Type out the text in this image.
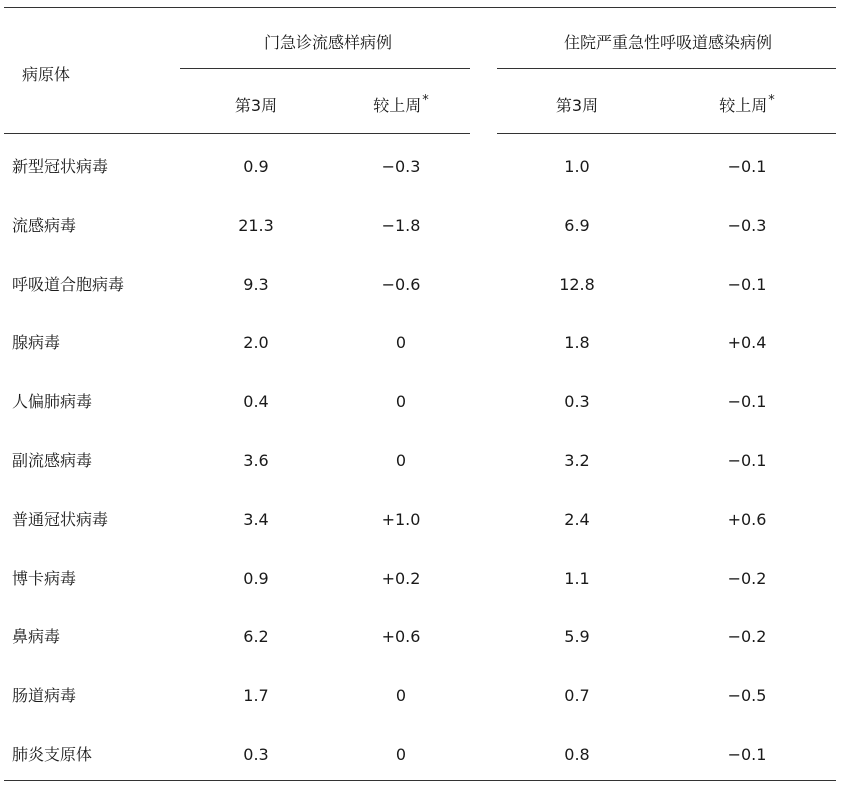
病原体
门急诊流感样病例	住院严重急性呼吸道感染病例
第3周	较上周*	第3周	较上周*
新型冠状病毒	0.9	−0.3	1.0	−0.1
流感病毒	21.3	−1.8	6.9	−0.3
呼吸道合胞病毒	9.3	−0.6	12.8	−0.1
腺病毒	2.0	0	1.8	+0.4
人偏肺病毒	0.4	0	0.3	−0.1
副流感病毒	3.6	0	3.2	−0.1
普通冠状病毒	3.4	+1.0	2.4	+0.6
博卡病毒	0.9	+0.2	1.1	−0.2
鼻病毒	6.2	+0.6	5.9	−0.2
肠道病毒	1.7	0	0.7	−0.5
肺炎支原体	0.3	0	0.8	−0.1
